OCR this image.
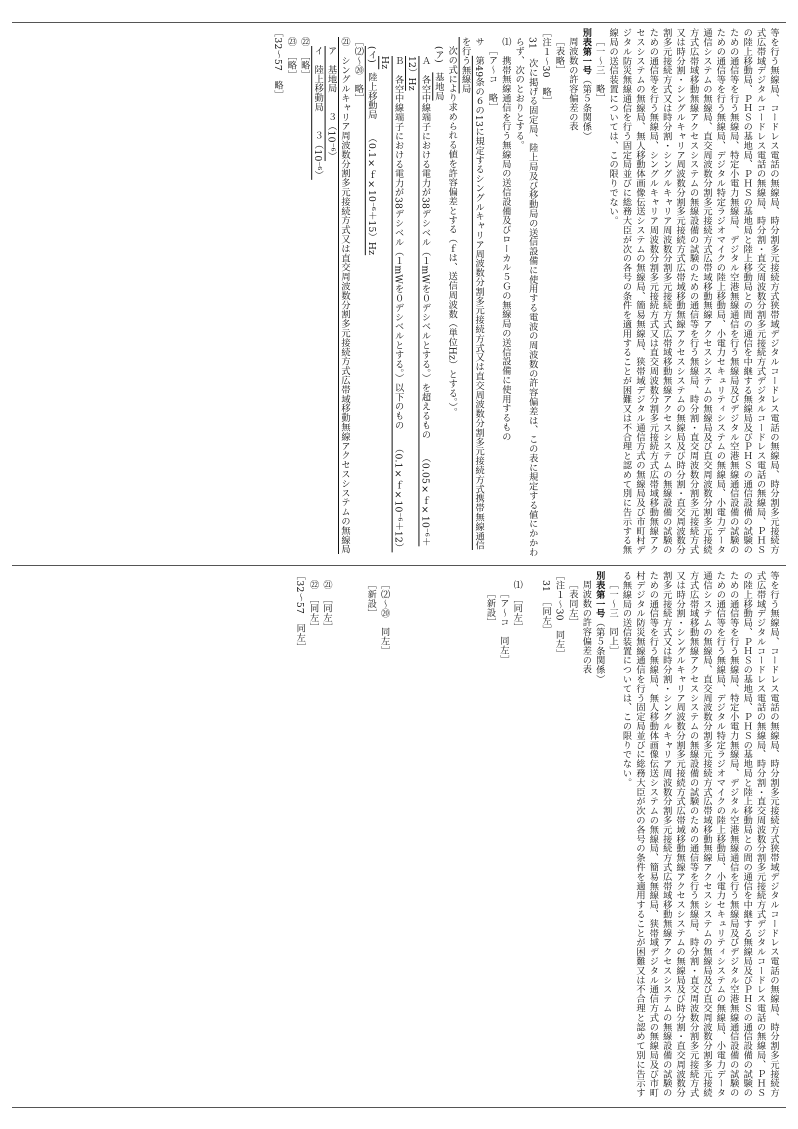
等を行う無線局、コードレス電話の無線局、時分割多元接続方式狭帯域デジタルコードレス電話の無線局、時分割多元接続方式広帯域デジタルコードレス電話の無線局、時分割・直交周波数分割多元接続方式デジタルコードレス電話の無線局、ＰＨＳの陸上移動局、ＰＨＳの基地局、ＰＨＳの基地局と陸上移動局との間の通信を中継する無線局及びＰＨＳの通信設備の試験のための通信等を行う無線局、特定小電力無線局、デジタル空港無線通信を行う無線局及びデジタル空港無線通信設備の試験のための通信等を行う無線局、デジタル特定ラジオマイクの陸上移動局、小電力セキュリティシステムの無線局、小電力データ通信システムの無線局、直交周波数分割多元接続方式広帯域移動無線アクセスシステムの無線局及び直交周波数分割多元接続方式広帯域移動無線アクセスシステムの無線設備の試験のための通信等を行う無線局、時分割・直交周波数分割多元接続方式又は時分割・シングルキャリア周波数分割多元接続方式広帯域移動無線アクセスシステムの無線局及び時分割・直交周波数分割多元接続方式又は時分割・シングルキャリア周波数分割多元接続方式広帯域移動無線アクセスシステムの無線設備の試験のための通信等を行う無線局、シングルキャリア周波数分割多元接続方式又は直交周波数分割多元接続方式広帯域移動無線アクセスシステムの無線局、無人移動体画像伝送システムの無線局、簡易無線局、狭帯域デジタル通信方式の無線局及び市町村デジタル防災無線通信を行う固定局並びに総務大臣が次の各号の条件を適用することが困難又は不合理と認めて別に告示する無線局の送信装置については、この限りでない。

［一～三　略］

別表第一号（第５条関係）

周波数の許容偏差の表

［表略］

［注１～30　略］

31　次に掲げる固定局、陸上局及び移動局の送信設備に使用する電波の周波数の許容偏差は、この表に規定する値にかかわらず、次のとおりとする。

⑴　携帯無線通信を行う無線局の送信設備及びローカル５Ｇの無線局の送信設備に使用するもの

［ア～コ　略］

サ　第49条の６の13に規定するシングルキャリア周波数分割多元接続方式又は直交周波数分割多元接続方式携帯無線通信を行う無線局

次の式により求められる値を許容偏差とする（ｆは、送信周波数（単位Hz）とする。）。

(ア)　基地局

Ａ　各空中線端子における電力が38デシベル（１mWを０デシベルとする。）を超えるもの　　（0.05×ｆ×10⁻⁶＋12）Hz

Ｂ　各空中線端子における電力が38デシベル（１mWを０デシベルとする。）以下のもの　　（0.1×ｆ×10⁻⁶＋12）Hz

(イ)　陸上移動局　　（0.1×ｆ×10⁻⁶＋15）Hz

［⑵～⑳　略］

㉑　シングルキャリア周波数分割多元接続方式又は直交周波数分割多元接続方式広帯域移動無線アクセスシステムの無線局

ア　基地局　　３（10⁻⁶）

イ　陸上移動局　　３（10⁻⁶）

㉒　［略］

㉓　［略］

［32～57　略］

等を行う無線局、コードレス電話の無線局、時分割多元接続方式狭帯域デジタルコードレス電話の無線局、時分割多元接続方式広帯域デジタルコードレス電話の無線局、時分割・直交周波数分割多元接続方式デジタルコードレス電話の無線局、ＰＨＳの陸上移動局、ＰＨＳの基地局、ＰＨＳの基地局と陸上移動局との間の通信を中継する無線局及びＰＨＳの通信設備の試験のための通信等を行う無線局、特定小電力無線局、デジタル空港無線通信を行う無線局及びデジタル空港無線通信設備の試験のための通信等を行う無線局、デジタル特定ラジオマイクの陸上移動局、小電力セキュリティシステムの無線局、小電力データ通信システムの無線局、直交周波数分割多元接続方式広帯域移動無線アクセスシステムの無線局及び直交周波数分割多元接続方式広帯域移動無線アクセスシステムの無線設備の試験のための通信等を行う無線局、時分割・直交周波数分割多元接続方式又は時分割・シングルキャリア周波数分割多元接続方式広帯域移動無線アクセスシステムの無線局及び時分割・直交周波数分割多元接続方式又は時分割・シングルキャリア周波数分割多元接続方式広帯域移動無線アクセスシステムの無線設備の試験のための通信等を行う無線局、無人移動体画像伝送システムの無線局、簡易無線局、狭帯域デジタル通信方式の無線局及び市町村デジタル防災無線通信を行う固定局並びに総務大臣が次の各号の条件を適用することが困難又は不合理と認めて別に告示する無線局の送信装置については、この限りでない。

［一～三　同上］

別表第一号（第５条関係）

周波数の許容偏差の表

［表同左］

［注１～30　同左］

31　［同左］

⑴　［同左］

［ア～コ　同左］

［新設］

［⑵～⑳　同左］

［新設］

㉑　［同左］

㉒　［同左］

［32～57　同左］
